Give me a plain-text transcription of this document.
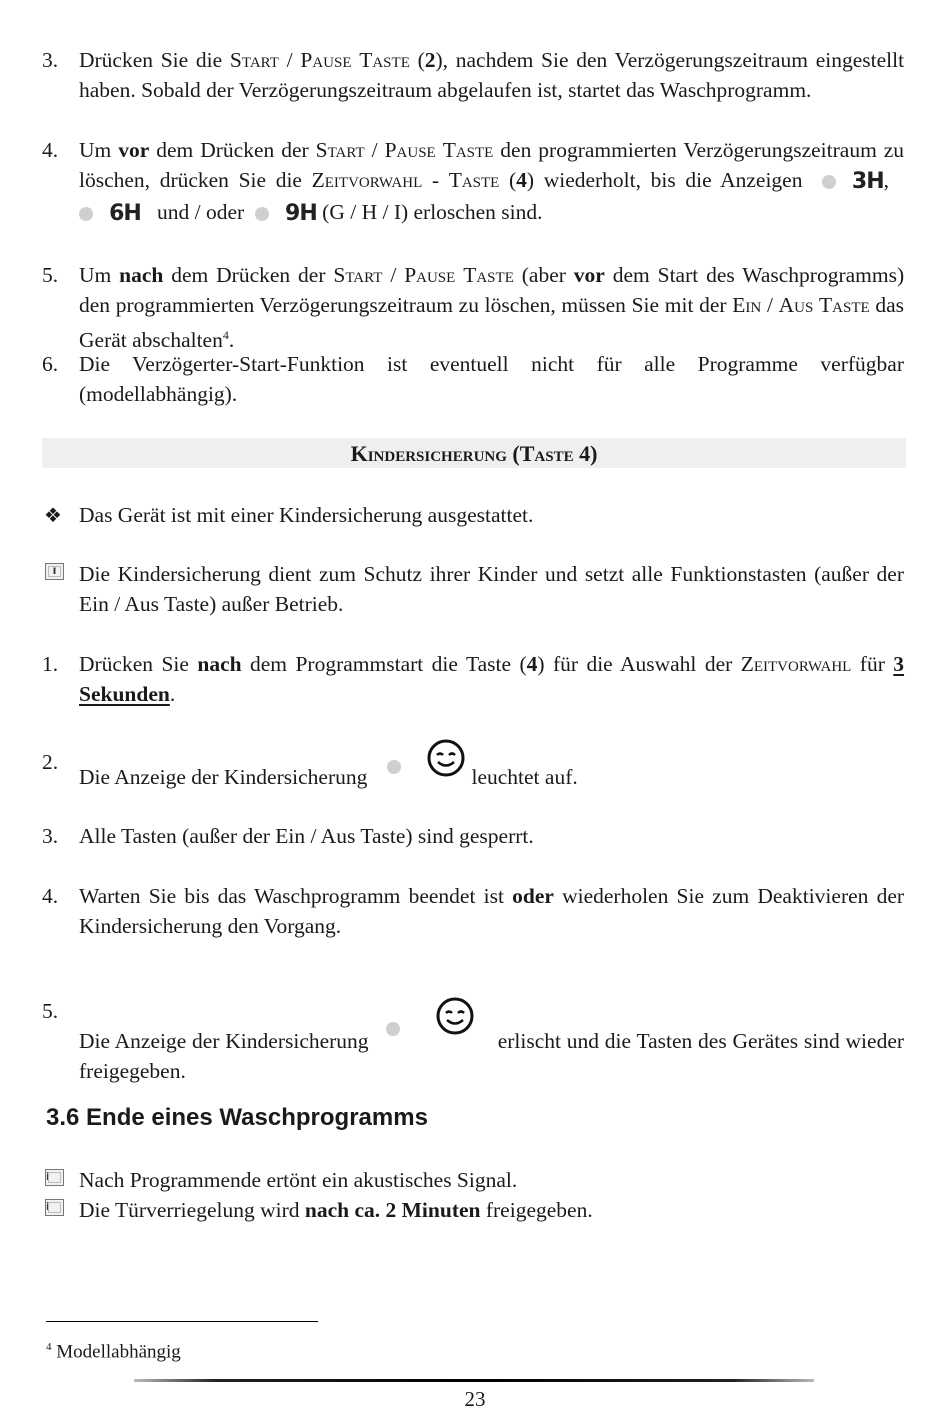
3. Drücken Sie die Start / Pause Taste (2), nachdem Sie den Verzögerungszeitraum eingestellt haben. Sobald der Verzögerungszeitraum abgelaufen ist, startet das Waschprogramm.
4. Um vor dem Drücken der Start / Pause Taste den programmierten Verzögerungszeitraum zu löschen, drücken Sie die Zeitvorwahl - Taste (4) wiederholt, bis die Anzeigen
3H ,

6H und / oder
9H (G / H / I) erloschen sind.
5. Um nach dem Drücken der Start / Pause Taste (aber vor dem Start des Waschprogramms) den programmierten Verzögerungszeitraum zu löschen, müssen Sie mit der Ein / Aus Taste das Gerät abschalten$^4$.
6. Die Verzögerter-Start-Funktion ist eventuell nicht für alle Programme verfügbar (modellabhängig).
Kindersicherung (Taste 4)
❖ Das Gerät ist mit einer Kindersicherung ausgestattet.
i	Die Kindersicherung dient zum Schutz ihrer Kinder und setzt alle Funktionstasten (außer der Ein / Aus Taste) außer Betrieb.
1. Drücken Sie nach dem Programmstart die Taste (4) für die Auswahl der Zeitvorwahl für 3 Sekunden.
2.
Die Anzeige der Kindersicherung	leuchtet auf.
3. Alle Tasten (außer der Ein / Aus Taste) sind gesperrt.
4. Warten Sie bis das Waschprogramm beendet ist oder wiederholen Sie zum Deaktivieren der Kindersicherung den Vorgang.
5.
Die Anzeige der Kindersicherung	erlischt und die Tasten des Gerätes sind wieder freigegeben.
3.6 Ende eines Waschprogramms
i	Nach Programmende ertönt ein akustisches Signal.
i	Die Türverriegelung wird nach ca. 2 Minuten freigegeben.
$^4$ Modellabhängig
23
